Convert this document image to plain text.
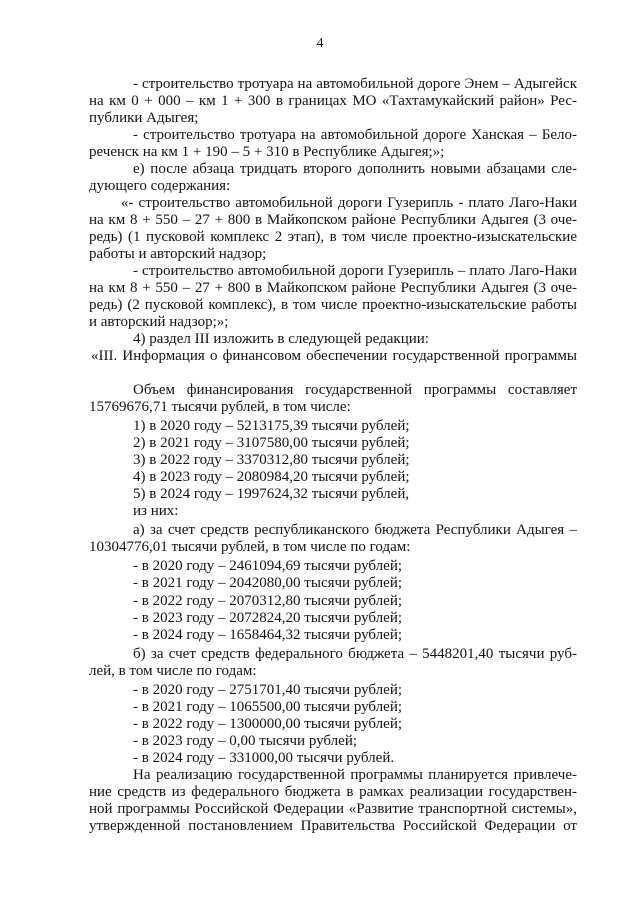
4
- строительство тротуара на автомобильной дороге Энем – Адыгейск
на км 0 + 000 – км 1 + 300 в границах МО «Тахтамукайский район» Рес-
публики Адыгея;
- строительство тротуара на автомобильной дороге Ханская – Бело-
реченск на км 1 + 190 – 5 + 310 в Республике Адыгея;»;
е) после абзаца тридцать второго дополнить новыми абзацами сле-
дующего содержания:
«- строительство автомобильной дороги Гузерипль - плато Лаго-Наки
на км 8 + 550 – 27 + 800 в Майкопском районе Республики Адыгея (3 оче-
редь) (1 пусковой комплекс 2 этап), в том числе проектно-изыскательские
работы и авторский надзор;
- строительство автомобильной дороги Гузерипль – плато Лаго-Наки
на км 8 + 550 – 27 + 800 в Майкопском районе Республики Адыгея (3 оче-
редь) (2 пусковой комплекс), в том числе проектно-изыскательские работы
и авторский надзор;»;
4) раздел III изложить в следующей редакции:
«III. Информация о финансовом обеспечении государственной программы
Объем финансирования государственной программы составляет
15769676,71 тысячи рублей, в том числе:
1) в 2020 году – 5213175,39 тысячи рублей;
2) в 2021 году – 3107580,00 тысячи рублей;
3) в 2022 году – 3370312,80 тысячи рублей;
4) в 2023 году – 2080984,20 тысячи рублей;
5) в 2024 году – 1997624,32 тысячи рублей,
из них:
а) за счет средств республиканского бюджета Республики Адыгея –
10304776,01 тысячи рублей, в том числе по годам:
- в 2020 году – 2461094,69 тысячи рублей;
- в 2021 году – 2042080,00 тысячи рублей;
- в 2022 году – 2070312,80 тысячи рублей;
- в 2023 году – 2072824,20 тысячи рублей;
- в 2024 году – 1658464,32 тысячи рублей;
б) за счет средств федерального бюджета – 5448201,40 тысячи руб-
лей, в том числе по годам:
- в 2020 году – 2751701,40 тысячи рублей;
- в 2021 году – 1065500,00 тысячи рублей;
- в 2022 году – 1300000,00 тысячи рублей;
- в 2023 году – 0,00 тысячи рублей;
- в 2024 году – 331000,00 тысячи рублей.
На реализацию государственной программы планируется привлече-
ние средств из федерального бюджета в рамках реализации государствен-
ной программы Российской Федерации «Развитие транспортной системы»,
утвержденной постановлением Правительства Российской Федерации от
